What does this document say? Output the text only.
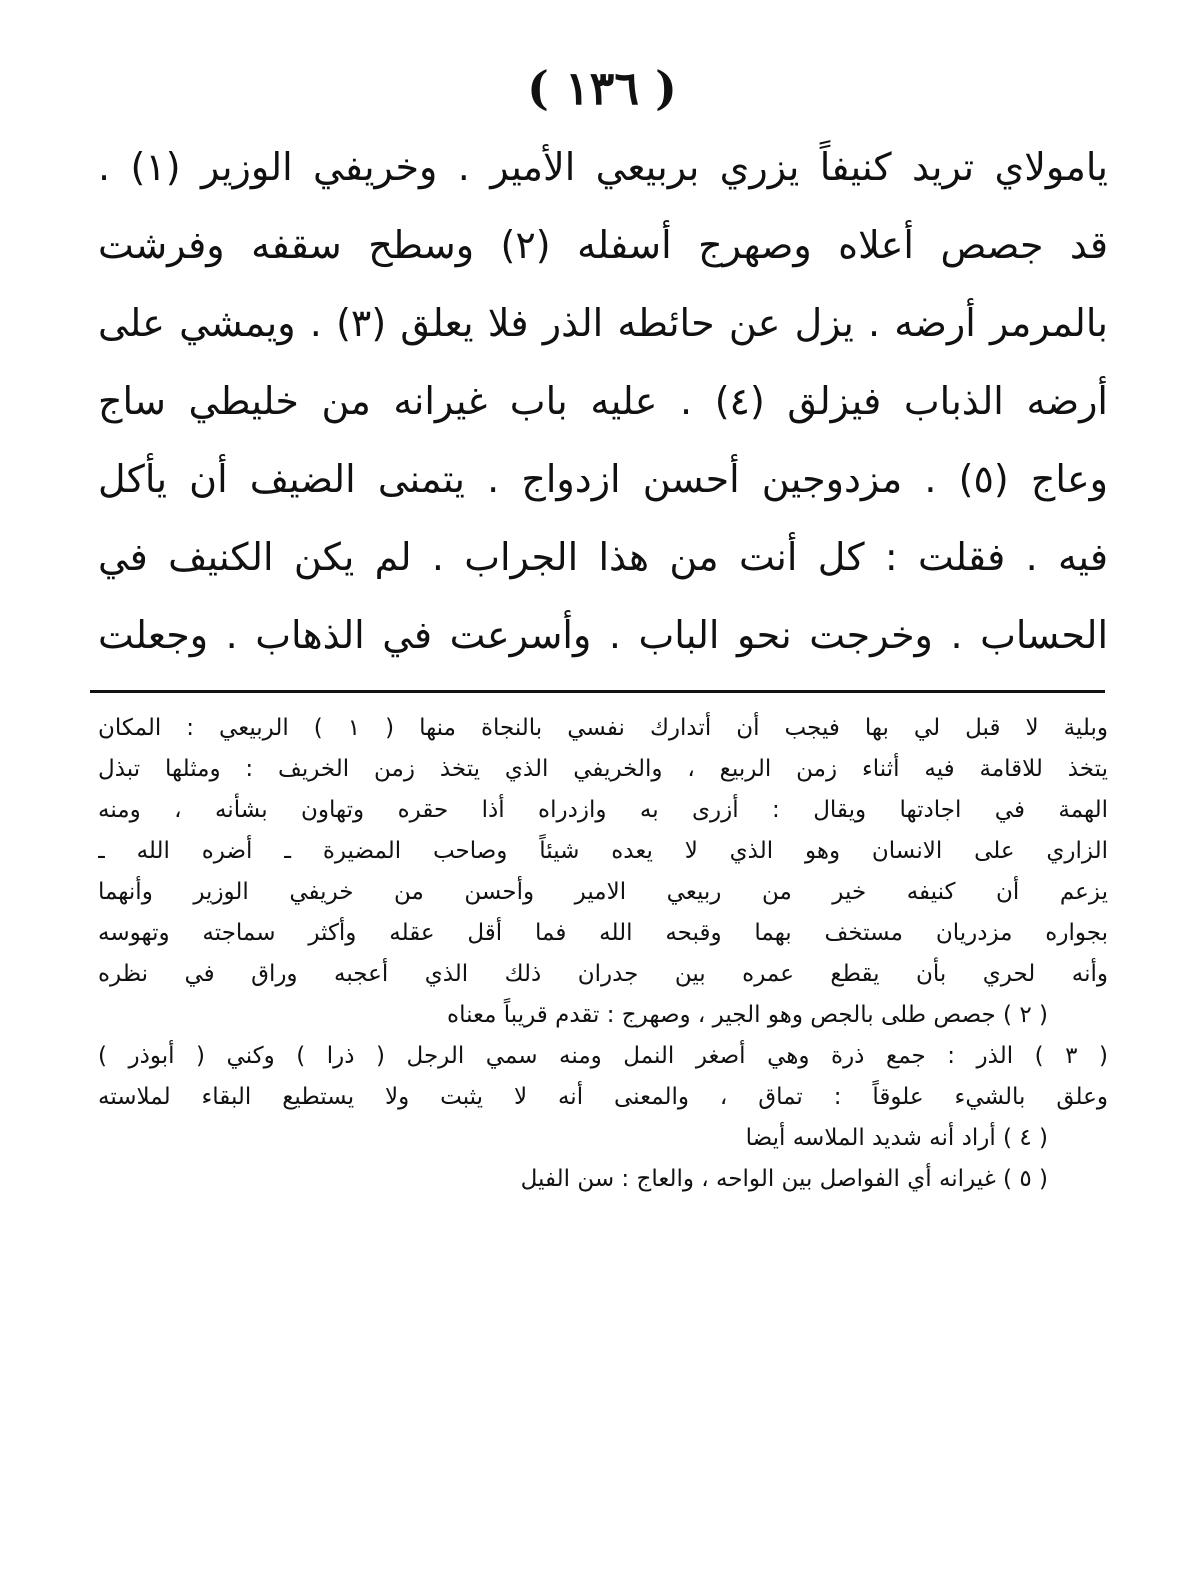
( ١٣٦ )
يامولاي تريد كنيفاً يزري بربيعي الأمير . وخريفي الوزير (١) .
قد جصص أعلاه وصهرج أسفله (٢) وسطح سقفه وفرشت
بالمرمر أرضه . يزل عن حائطه الذر فلا يعلق (٣) . ويمشي على
أرضه الذباب فيزلق (٤) . عليه باب غيرانه من خليطي ساج
وعاج (٥) . مزدوجين أحسن ازدواج . يتمنى الضيف أن يأكل
فيه . فقلت : كل أنت من هذا الجراب . لم يكن الكنيف في
الحساب . وخرجت نحو الباب . وأسرعت في الذهاب . وجعلت
وبلية لا قبل لي بها فيجب أن أتدارك نفسي بالنجاة منها ( ١ ) الربيعي : المكان
يتخذ للاقامة فيه أثناء زمن الربيع ، والخريفي الذي يتخذ زمن الخريف : ومثلها تبذل
الهمة في اجادتها ويقال : أزرى به وازدراه أذا حقره وتهاون بشأنه ، ومنه
الزاري على الانسان وهو الذي لا يعده شيئاً وصاحب المضيرة ـ أضره الله ـ
يزعم أن كنيفه خير من ربيعي الامير وأحسن من خريفي الوزير وأنهما
بجواره مزدريان مستخف بهما وقبحه الله فما أقل عقله وأكثر سماجته وتهوسه
وأنه لحري بأن يقطع عمره بين جدران ذلك الذي أعجبه وراق في نظره
( ٢ ) جصص طلى بالجص وهو الجير ، وصهرج : تقدم قريباً معناه
( ٣ ) الذر : جمع ذرة وهي أصغر النمل ومنه سمي الرجل ( ذرا ) وكني ( أبوذر )
وعلق بالشيء علوقاً : تماق ، والمعنى أنه لا يثبت ولا يستطيع البقاء لملاسته
( ٤ ) أراد أنه شديد الملاسه أيضا
( ٥ ) غيرانه أي الفواصل بين الواحه ، والعاج : سن الفيل
